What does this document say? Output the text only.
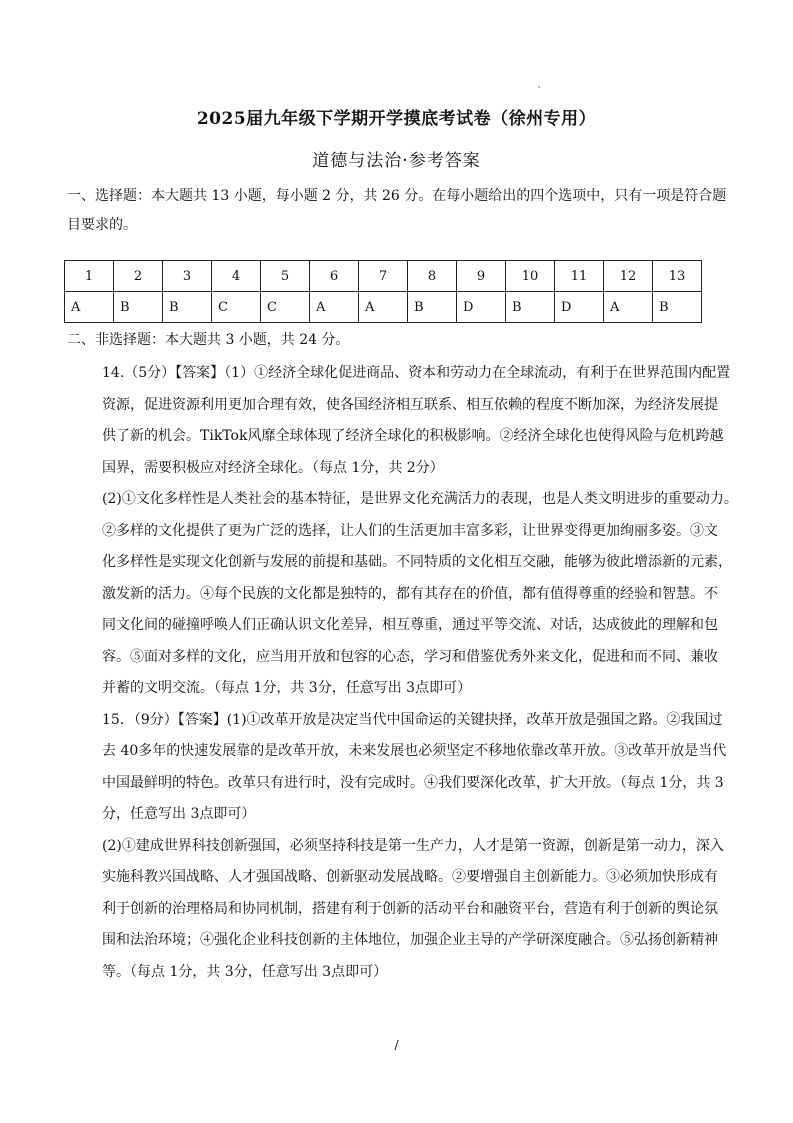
2025届九年级下学期开学摸底考试卷（徐州专用）
道德与法治·参考答案
一、选择题：本大题共 13 小题，每小题 2 分，共 26 分。在每小题给出的四个选项中，只有一项是符合题
目要求的。
1	2	3	4	5	6	7	8	9	10	11	12	13
A	B	B	C	C	A	A	B	D	B	D	A	B
二、非选择题：本大题共 3 小题，共 24 分。
14.（5分）【答案】（1）①经济全球化促进商品、资本和劳动力在全球流动，有利于在世界范围内配置
资源，促进资源利用更加合理有效，使各国经济相互联系、相互依赖的程度不断加深，为经济发展提
供了新的机会。TikTok风靡全球体现了经济全球化的积极影响。②经济全球化也使得风险与危机跨越
国界，需要积极应对经济全球化。（每点 1分，共 2分）
(2)①文化多样性是人类社会的基本特征，是世界文化充满活力的表现，也是人类文明进步的重要动力。
②多样的文化提供了更为广泛的选择，让人们的生活更加丰富多彩，让世界变得更加绚丽多姿。③文
化多样性是实现文化创新与发展的前提和基础。不同特质的文化相互交融，能够为彼此增添新的元素，
激发新的活力。④每个民族的文化都是独特的，都有其存在的价值，都有值得尊重的经验和智慧。不
同文化间的碰撞呼唤人们正确认识文化差异，相互尊重，通过平等交流、对话，达成彼此的理解和包
容。⑤面对多样的文化，应当用开放和包容的心态，学习和借鉴优秀外来文化，促进和而不同、兼收
并蓄的文明交流。（每点 1分，共 3分，任意写出 3点即可）
15．（9分）【答案】(1)①改革开放是决定当代中国命运的关键抉择，改革开放是强国之路。②我国过
去 40多年的快速发展靠的是改革开放，未来发展也必须坚定不移地依靠改革开放。③改革开放是当代
中国最鲜明的特色。改革只有进行时，没有完成时。④我们要深化改革，扩大开放。（每点 1分，共 3
分，任意写出 3点即可）
(2)①建成世界科技创新强国，必须坚持科技是第一生产力，人才是第一资源，创新是第一动力，深入
实施科教兴国战略、人才强国战略、创新驱动发展战略。②要增强自主创新能力。③必须加快形成有
利于创新的治理格局和协同机制，搭建有利于创新的活动平台和融资平台，营造有利于创新的舆论氛
围和法治环境；④强化企业科技创新的主体地位，加强企业主导的产学研深度融合。⑤弘扬创新精神
等。（每点 1分，共 3分，任意写出 3点即可）
/
